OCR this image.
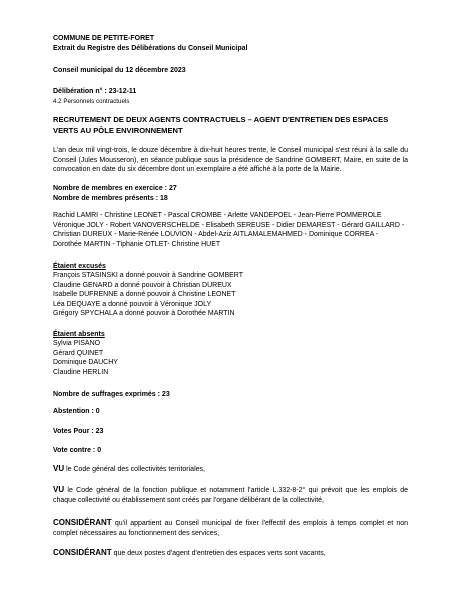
COMMUNE DE PETITE-FORET
Extrait du Registre des Délibérations du Conseil Municipal
Conseil municipal du 12 décembre 2023
Délibération n° : 23-12-11
4.2 Personnels contractuels
RECRUTEMENT DE DEUX AGENTS CONTRACTUELS – AGENT D'ENTRETIEN DES ESPACES
VERTS AU PÔLE ENVIRONNEMENT
L'an deux mil vingt-trois, le douze décembre à dix-huit heures trente, le Conseil municipal s'est réuni à la salle du Conseil (Jules Mousseron), en séance publique sous la présidence de Sandrine GOMBERT, Maire, en suite de la convocation en date du six décembre dont un exemplaire a été affiché à la porte de la Mairie.
Nombre de membres en exercice : 27
Nombre de membres présents : 18
Rachid LAMRI - Christine LEONET - Pascal CROMBE - Arlette VANDEPOEL - Jean-Pierre POMMEROLE
Véronique JOLY - Robert VANOVERSCHELDE - Elisabeth SEREUSE - Didier DEMAREST - Gérard GAILLARD -
Christian DUREUX - Marie-Renée LOUVION - Abdel-Aziz AITLAMALEMAHMED - Dominique CORREA -
Dorothée MARTIN - Tiphanie OTLET- Christine HUET
Étaient excusés
François STASINSKI a donné pouvoir à Sandrine GOMBERT
Claudine GENARD a donné pouvoir à Christian DUREUX
Isabelle DUFRENNE a donné pouvoir à Christine LEONET
Léa DEQUAYE a donné pouvoir à Véronique JOLY
Grégory SPYCHALA a donné pouvoir à Dorothée MARTIN
Étaient absents
Sylvia PISANO
Gérard QUINET
Dominique DAUCHY
Claudine HERLIN
Nombre de suffrages exprimés : 23
Abstention : 0
Votes Pour : 23
Vote contre : 0
VU le Code général des collectivités territoriales,
VU le Code général de la fonction publique et notamment l'article L.332-8-2° qui prévoit que les emplois de chaque collectivité ou établissement sont créés par l'organe délibérant de la collectivité,
CONSIDÉRANT qu'il appartient au Conseil municipal de fixer l'effectif des emplois à temps complet et non complet nécessaires au fonctionnement des services,
CONSIDÉRANT que deux postes d'agent d'entretien des espaces verts sont vacants,
